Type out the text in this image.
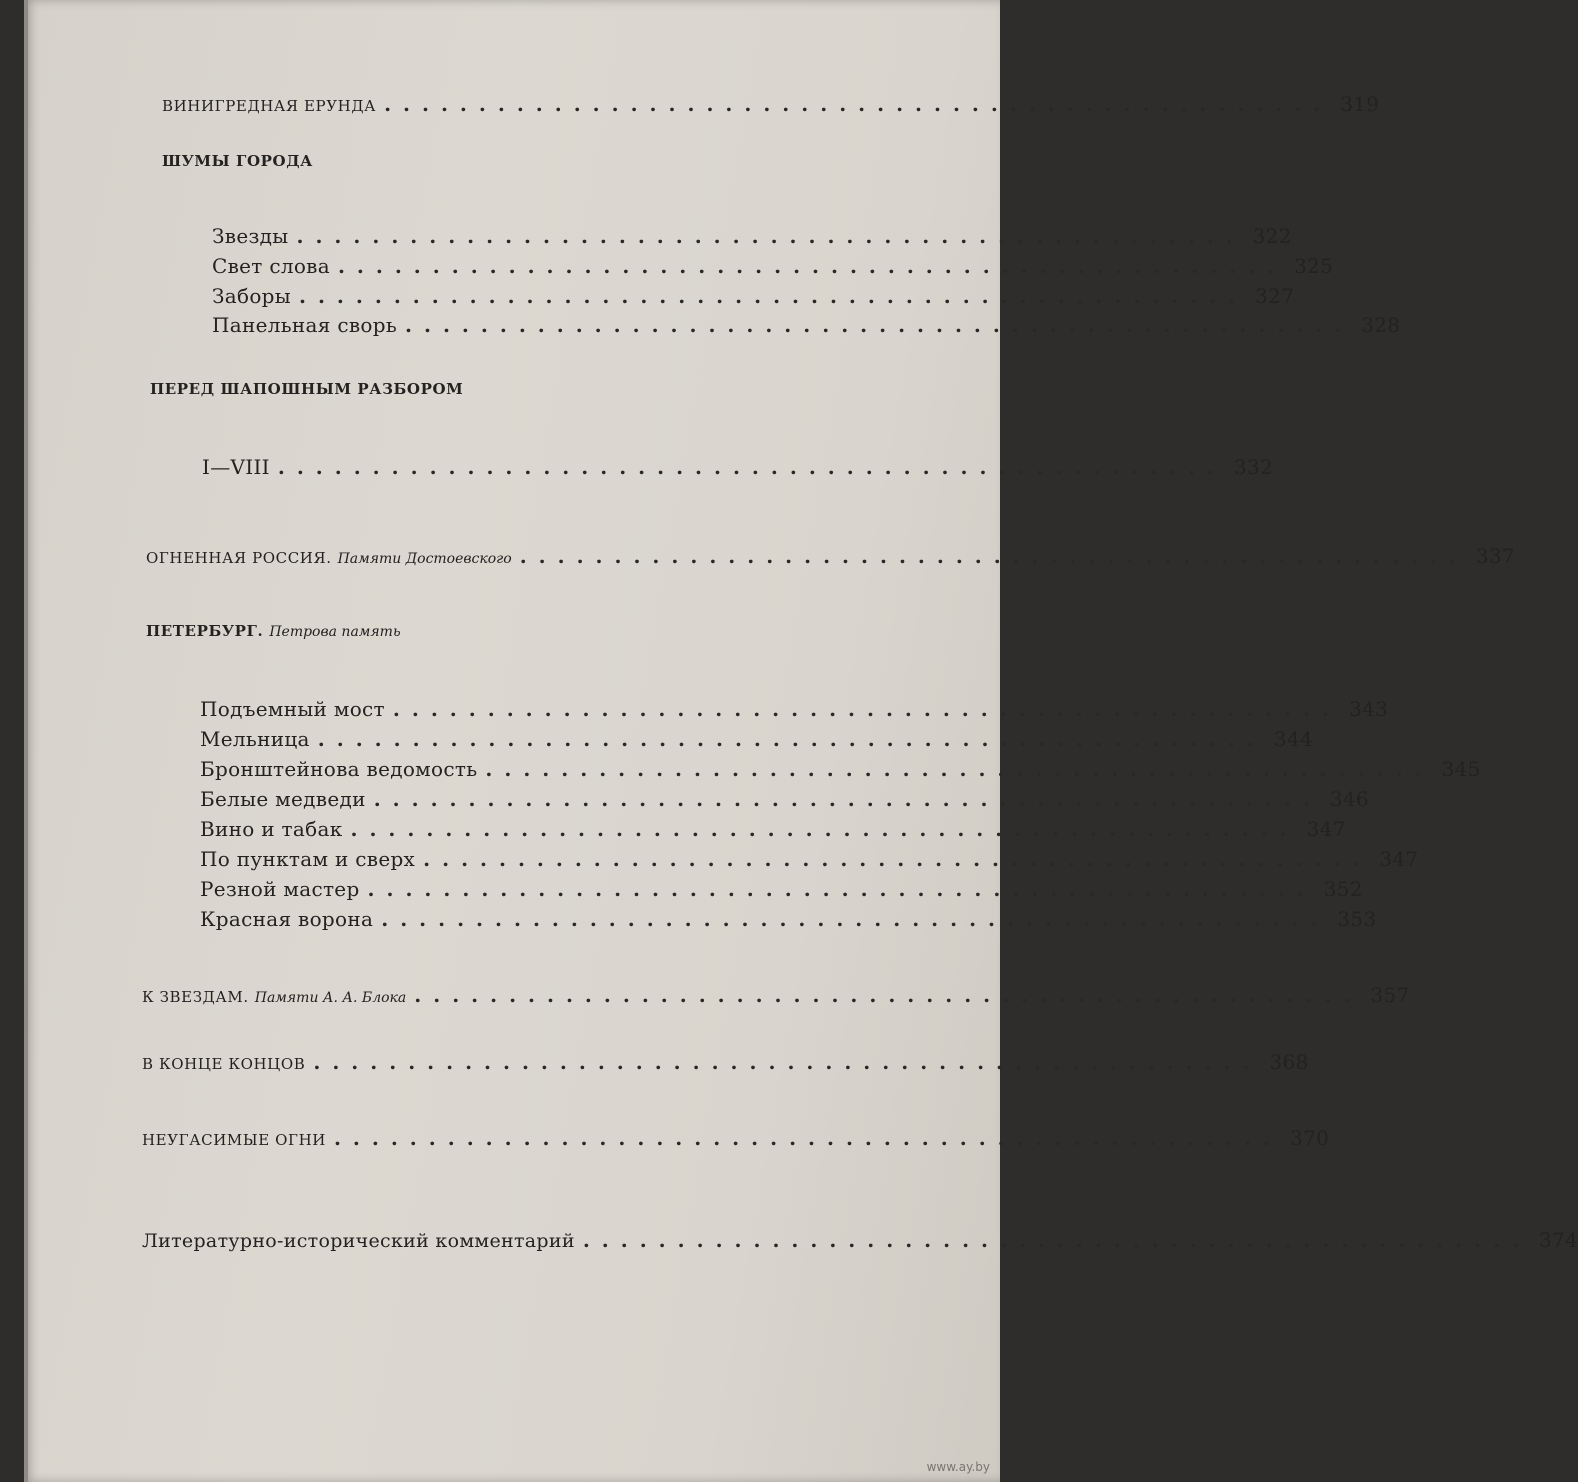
ВИНИГРЕДНАЯ ЕРУНДА .................................................. 319
ШУМЫ ГОРОДА
Звезды .................................................. 322
Свет слова .................................................. 325
Заборы .................................................. 327
Панельная сворь .................................................. 328
ПЕРЕД ШАПОШНЫМ РАЗБОРОМ
I—VIII .................................................. 332
ОГНЕННАЯ РОССИЯ. Памяти Достоевского .................................................. 337
ПЕТЕРБУРГ. Петрова память
Подъемный мост .................................................. 343
Мельница .................................................. 344
Бронштейнова ведомость .................................................. 345
Белые медведи .................................................. 346
Вино и табак .................................................. 347
По пунктам и сверх .................................................. 347
Резной мастер .................................................. 352
Красная ворона .................................................. 353
К ЗВЕЗДАМ. Памяти А. А. Блока .................................................. 357
В КОНЦЕ КОНЦОВ .................................................. 368
НЕУГАСИМЫЕ ОГНИ .................................................. 370
Литературно-исторический комментарий .................................................. 374
www.ay.by
